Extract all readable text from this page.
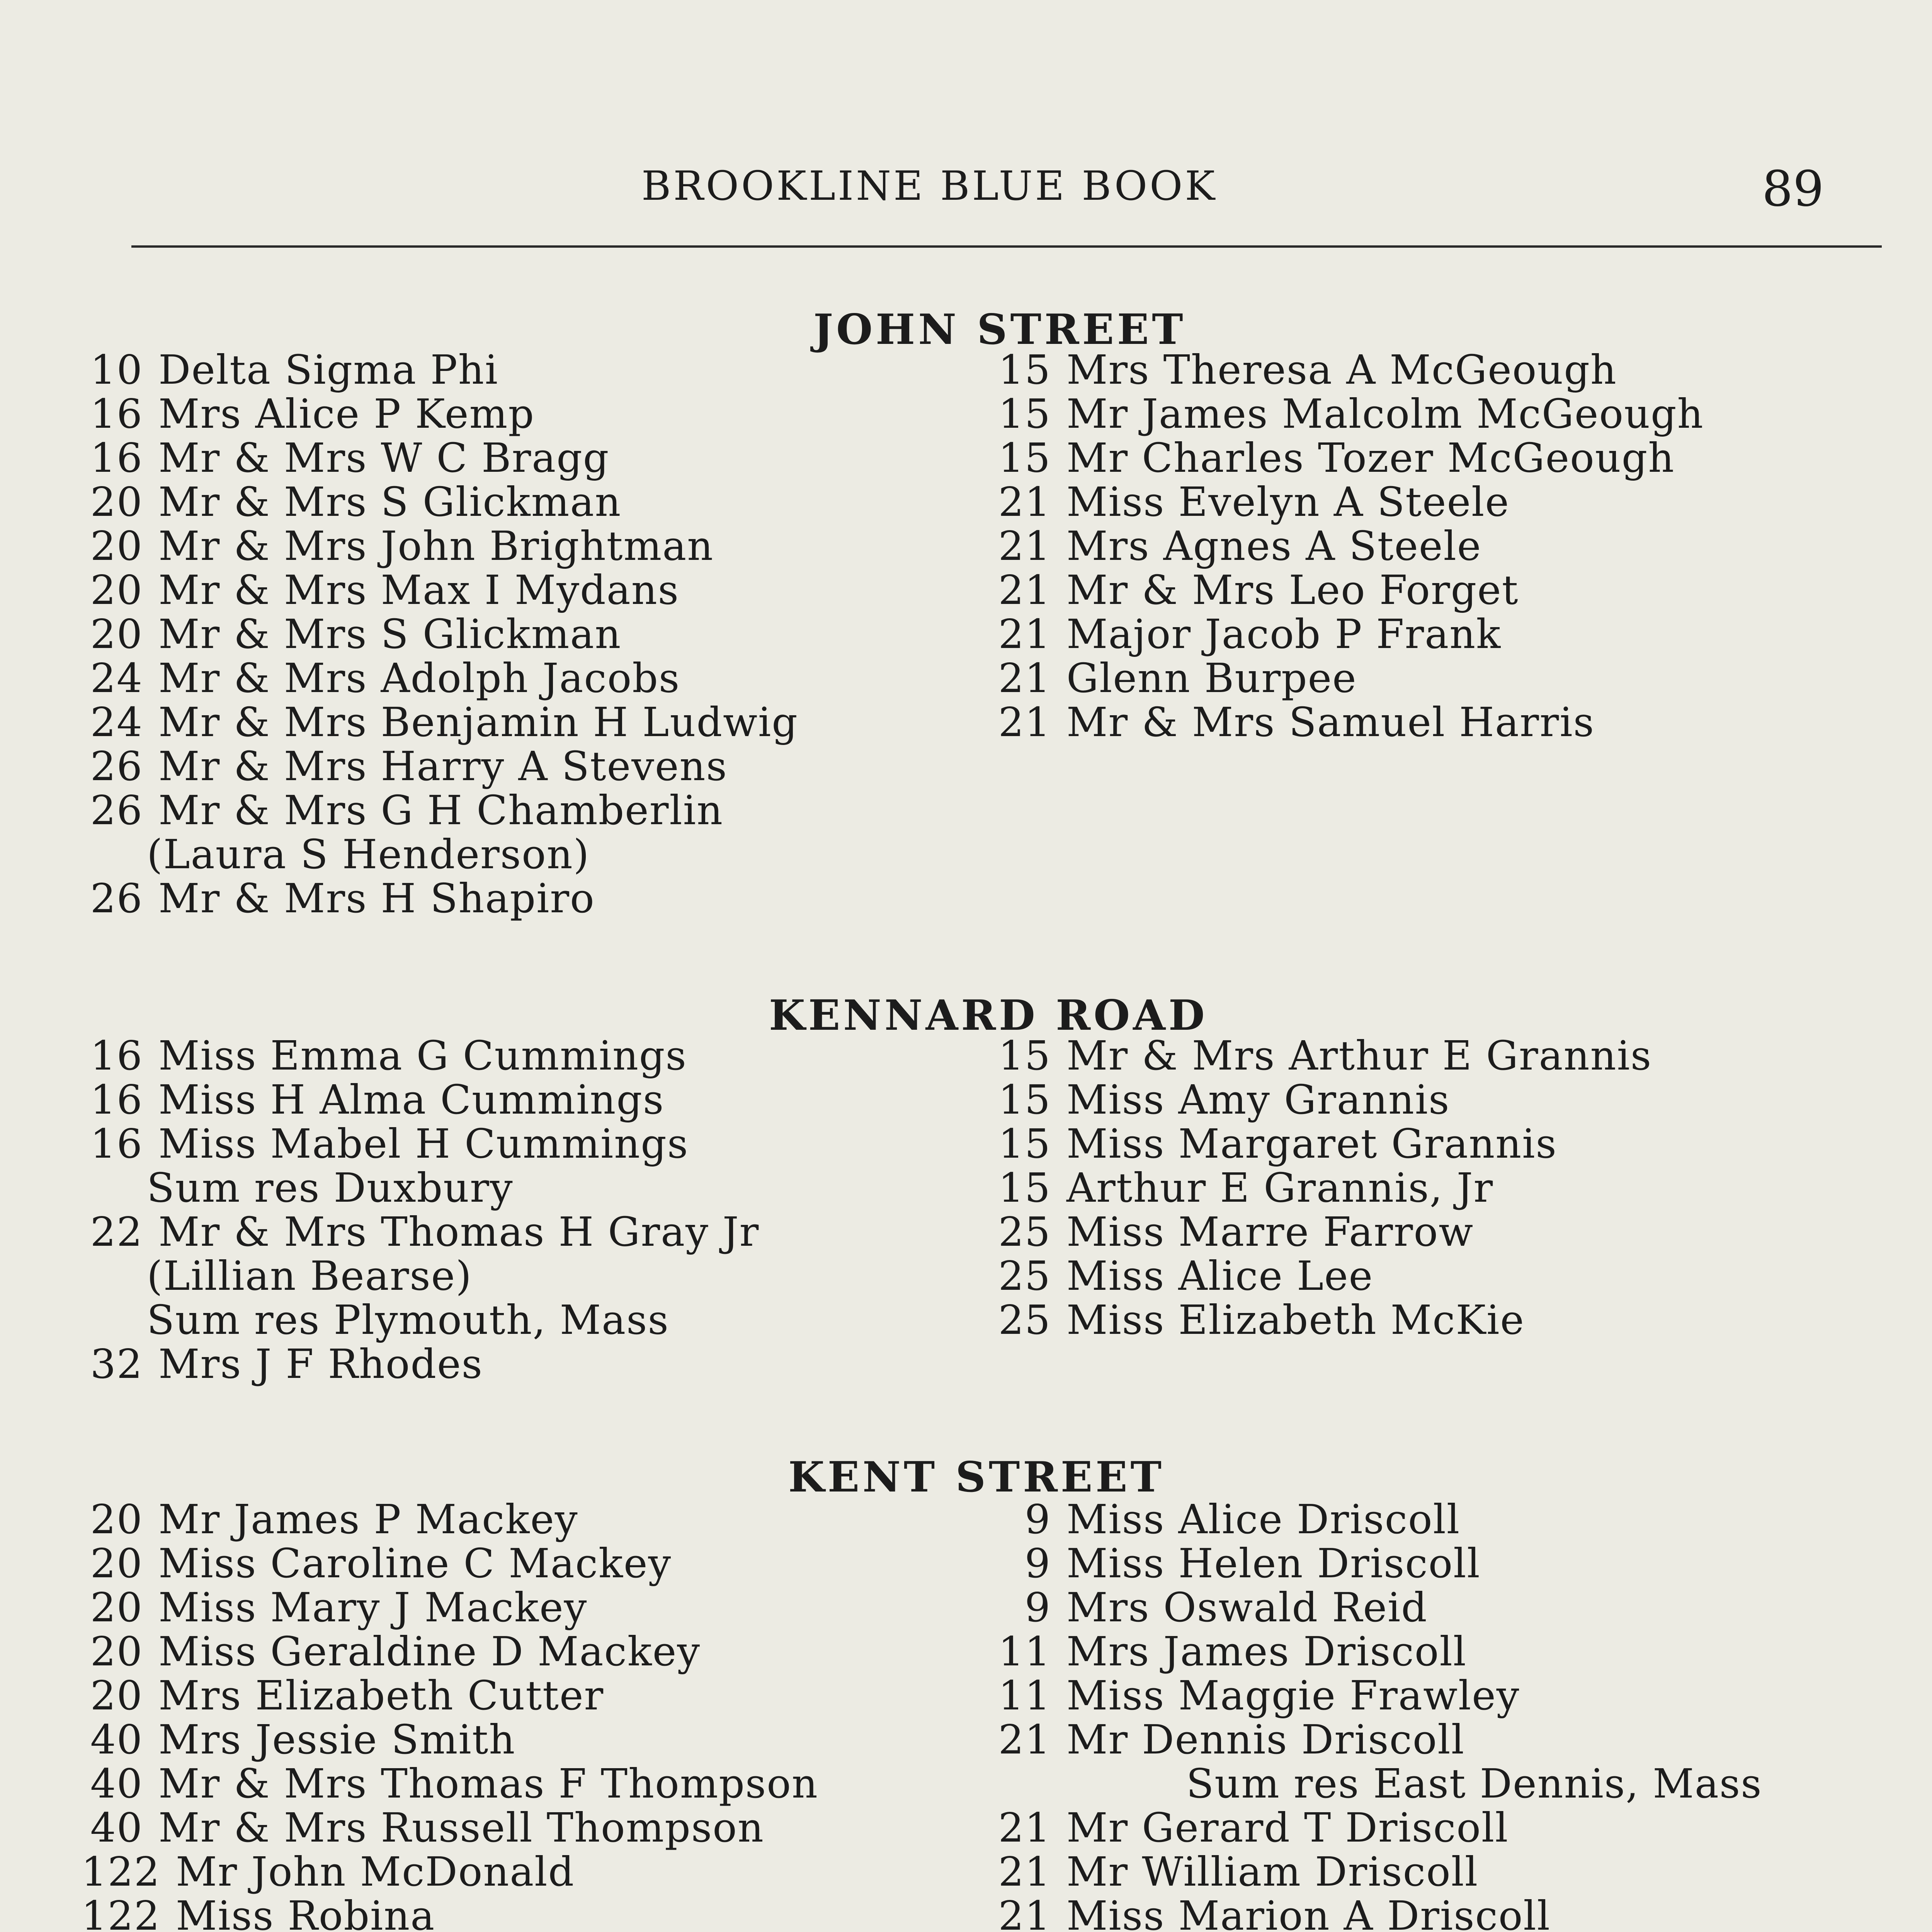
BROOKLINE BLUE BOOK	89
JOHN STREET
10 Delta Sigma Phi
16 Mrs Alice P Kemp
16 Mr & Mrs W C Bragg
20 Mr & Mrs S Glickman
20 Mr & Mrs John Brightman
20 Mr & Mrs Max I Mydans
20 Mr & Mrs S Glickman
24 Mr & Mrs Adolph Jacobs
24 Mr & Mrs Benjamin H Ludwig
26 Mr & Mrs Harry A Stevens
26 Mr & Mrs G H Chamberlin
(Laura S Henderson)
26 Mr & Mrs H Shapiro
15 Mrs Theresa A McGeough
15 Mr James Malcolm McGeough
15 Mr Charles Tozer McGeough
21 Miss Evelyn A Steele
21 Mrs Agnes A Steele
21 Mr & Mrs Leo Forget
21 Major Jacob P Frank
21 Glenn Burpee
21 Mr & Mrs Samuel Harris
KENNARD ROAD
16 Miss Emma G Cummings
16 Miss H Alma Cummings
16 Miss Mabel H Cummings
Sum res Duxbury
22 Mr & Mrs Thomas H Gray Jr
(Lillian Bearse)
Sum res Plymouth, Mass
32 Mrs J F Rhodes
15 Mr & Mrs Arthur E Grannis
15 Miss Amy Grannis
15 Miss Margaret Grannis
15 Arthur E Grannis, Jr
25 Miss Marre Farrow
25 Miss Alice Lee
25 Miss Elizabeth McKie
KENT STREET
20 Mr James P Mackey
20 Miss Caroline C Mackey
20 Miss Mary J Mackey
20 Miss Geraldine D Mackey
20 Mrs Elizabeth Cutter
40 Mrs Jessie Smith
40 Mr & Mrs Thomas F Thompson
40 Mr & Mrs Russell Thompson
122 Mr John McDonald
122 Miss Robina
9 Miss Alice Driscoll
9 Miss Helen Driscoll
9 Mrs Oswald Reid
11 Mrs James Driscoll
11 Miss Maggie Frawley
21 Mr Dennis Driscoll
Sum res East Dennis, Mass
21 Mr Gerard T Driscoll
21 Mr William Driscoll
21 Miss Marion A Driscoll
